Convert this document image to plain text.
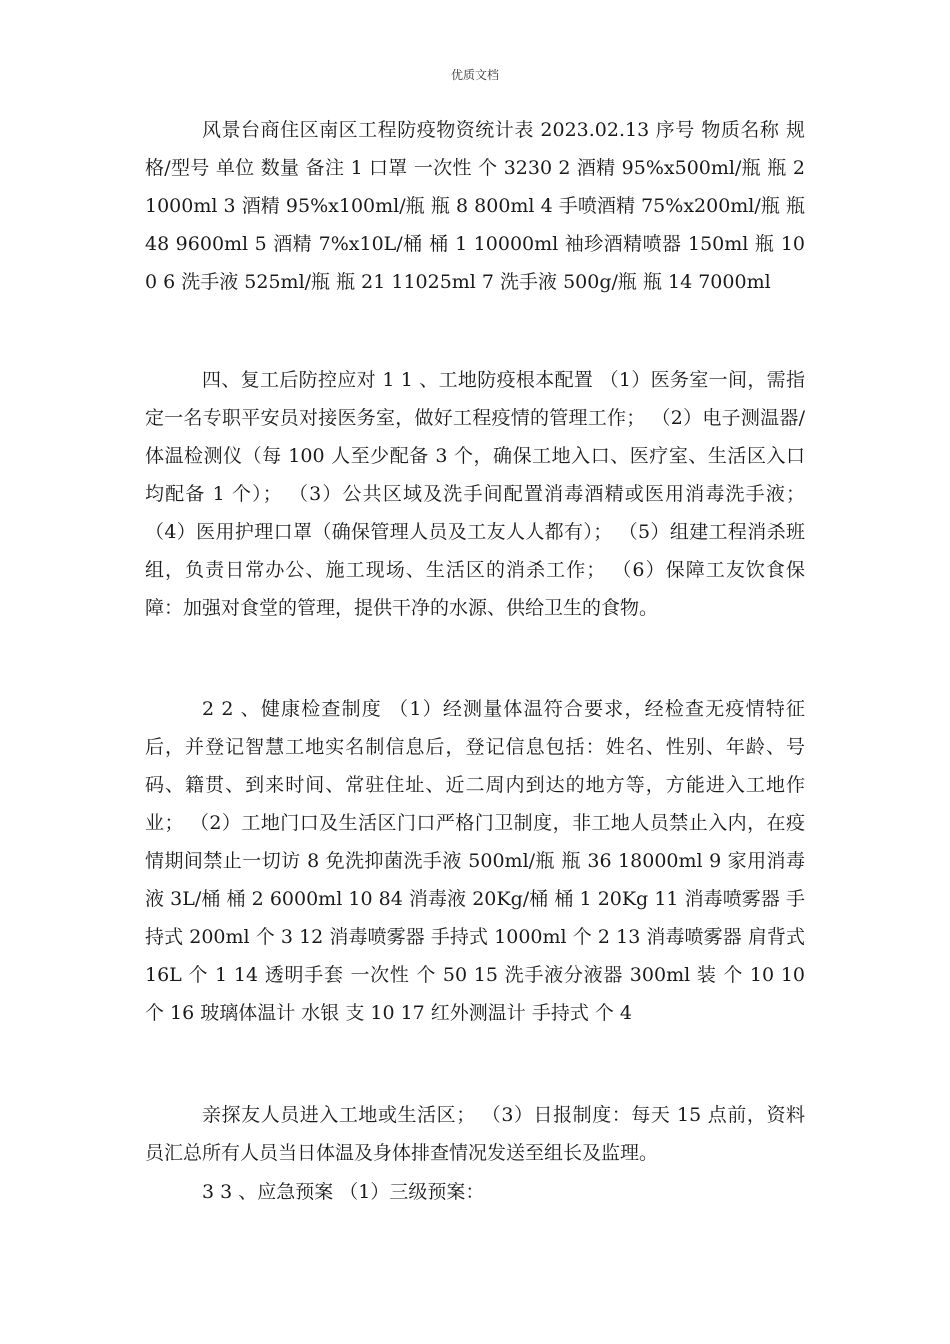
优质文档

风景台商住区南区工程防疫物资统计表 2023.02.13 序号 物质名称 规格/型号 单位 数量 备注 1 口罩 一次性 个 3230 2 酒精 95%x500ml/瓶 瓶 2 1000ml 3 酒精 95%x100ml/瓶 瓶 8 800ml 4 手喷酒精 75%x200ml/瓶 瓶 48 9600ml 5 酒精 7%x10L/桶 桶 1 10000ml 袖珍酒精喷器 150ml 瓶 100 6 洗手液 525ml/瓶 瓶 21 11025ml 7 洗手液 500g/瓶 瓶 14 7000ml

四、复工后防控应对 1 1 、工地防疫根本配置 （1）医务室一间，需指定一名专职平安员对接医务室，做好工程疫情的管理工作； （2）电子测温器/体温检测仪（每 100 人至少配备 3 个，确保工地入口、医疗室、生活区入口均配备 1 个）； （3）公共区域及洗手间配置消毒酒精或医用消毒洗手液； （4）医用护理口罩（确保管理人员及工友人人都有）； （5）组建工程消杀班组，负责日常办公、施工现场、生活区的消杀工作； （6）保障工友饮食保障：加强对食堂的管理，提供干净的水源、供给卫生的食物。

2 2 、健康检查制度 （1）经测量体温符合要求，经检查无疫情特征后，并登记智慧工地实名制信息后，登记信息包括：姓名、性别、年龄、号码、籍贯、到来时间、常驻住址、近二周内到达的地方等，方能进入工地作业； （2）工地门口及生活区门口严格门卫制度，非工地人员禁止入内，在疫情期间禁止一切访 8 免洗抑菌洗手液 500ml/瓶 瓶 36 18000ml 9 家用消毒液 3L/桶 桶 2 6000ml 10 84 消毒液 20Kg/桶 桶 1 20Kg 11 消毒喷雾器 手持式 200ml 个 3 12 消毒喷雾器 手持式 1000ml 个 2 13 消毒喷雾器 肩背式 16L 个 1 14 透明手套 一次性 个 50 15 洗手液分液器 300ml 装 个 10 10 个 16 玻璃体温计 水银 支 10 17 红外测温计 手持式 个 4

亲探友人员进入工地或生活区； （3）日报制度：每天 15 点前，资料员汇总所有人员当日体温及身体排查情况发送至组长及监理。

3 3 、应急预案 （1）三级预案：
